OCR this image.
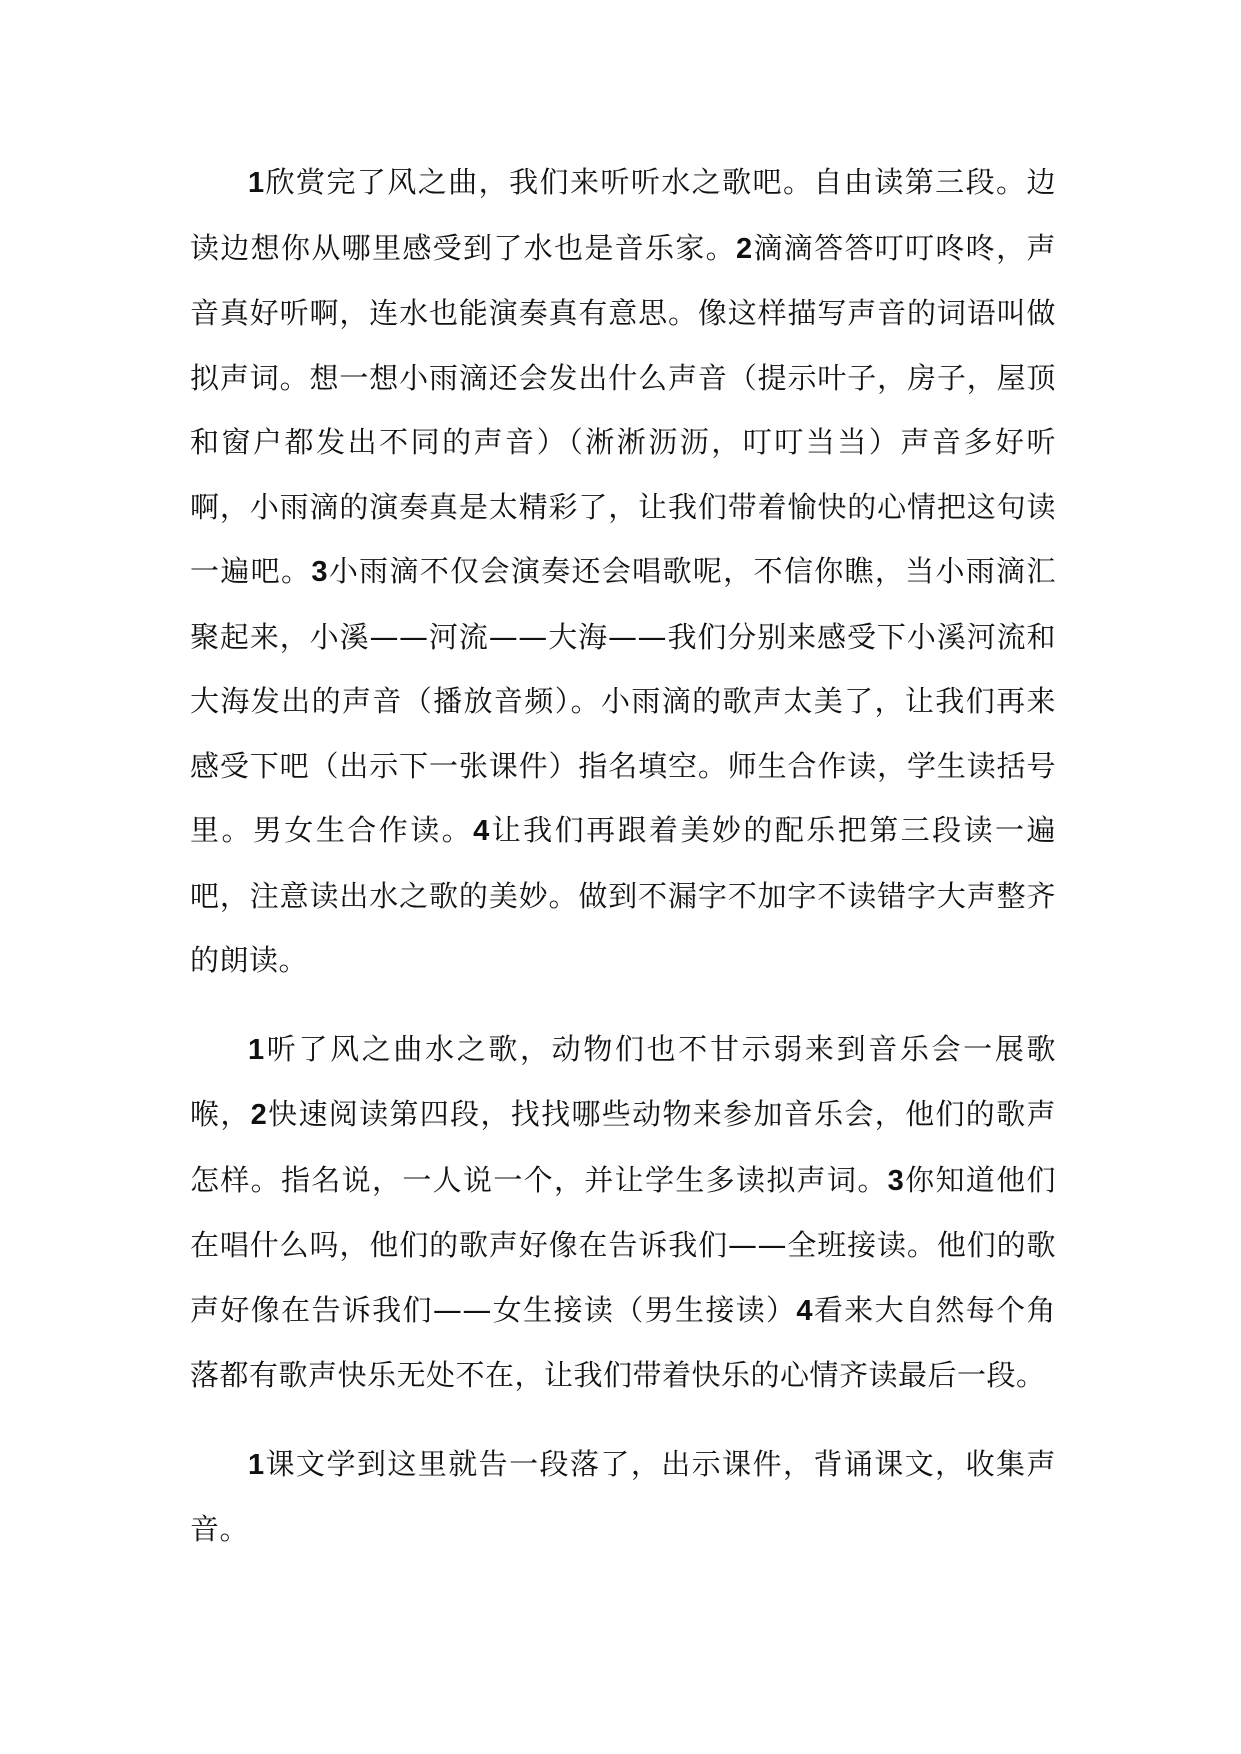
1欣赏完了风之曲，我们来听听水之歌吧。自由读第三段。边读边想你从哪里感受到了水也是音乐家。2滴滴答答叮叮咚咚，声音真好听啊，连水也能演奏真有意思。像这样描写声音的词语叫做拟声词。想一想小雨滴还会发出什么声音（提示叶子，房子，屋顶和窗户都发出不同的声音）（淅淅沥沥，叮叮当当）声音多好听啊，小雨滴的演奏真是太精彩了，让我们带着愉快的心情把这句读一遍吧。3小雨滴不仅会演奏还会唱歌呢，不信你瞧，当小雨滴汇聚起来，小溪——河流——大海——我们分别来感受下小溪河流和大海发出的声音（播放音频）。小雨滴的歌声太美了，让我们再来感受下吧（出示下一张课件）指名填空。师生合作读，学生读括号里。男女生合作读。4让我们再跟着美妙的配乐把第三段读一遍吧，注意读出水之歌的美妙。做到不漏字不加字不读错字大声整齐的朗读。

1听了风之曲水之歌，动物们也不甘示弱来到音乐会一展歌喉，2快速阅读第四段，找找哪些动物来参加音乐会，他们的歌声怎样。指名说，一人说一个，并让学生多读拟声词。3你知道他们在唱什么吗，他们的歌声好像在告诉我们——全班接读。他们的歌声好像在告诉我们——女生接读（男生接读）4看来大自然每个角落都有歌声快乐无处不在，让我们带着快乐的心情齐读最后一段。

1课文学到这里就告一段落了，出示课件，背诵课文，收集声音。
